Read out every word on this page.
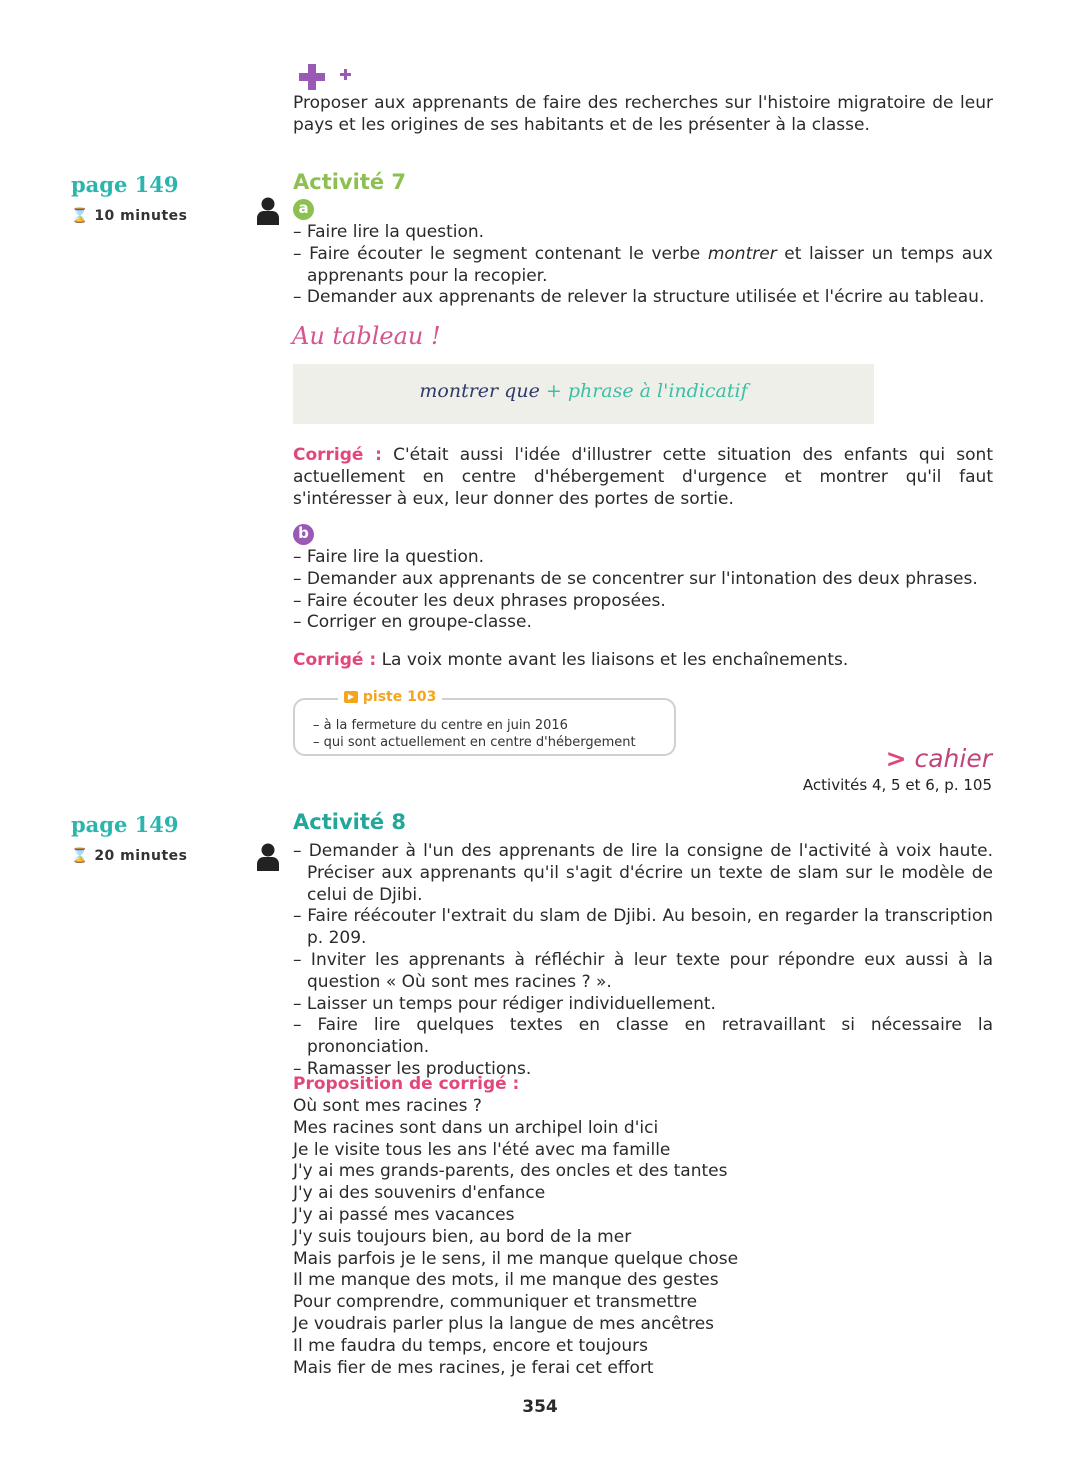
Proposer aux apprenants de faire des recherches sur l'histoire migratoire de leur pays et les origines de ses habitants et de les présenter à la classe.
page 149
⌛ 10 minutes
Activité 7
a
– Faire lire la question.
– Faire écouter le segment contenant le verbe montrer et laisser un temps aux apprenants pour la recopier.
– Demander aux apprenants de relever la structure utilisée et l'écrire au tableau.
Au tableau !
montrer que + phrase à l'indicatif
Corrigé : C'était aussi l'idée d'illustrer cette situation des enfants qui sont actuellement en centre d'hébergement d'urgence et montrer qu'il faut s'intéresser à eux, leur donner des portes de sortie.
b
– Faire lire la question.
– Demander aux apprenants de se concentrer sur l'intonation des deux phrases.
– Faire écouter les deux phrases proposées.
– Corriger en groupe-classe.
Corrigé : La voix monte avant les liaisons et les enchaînements.
▶ piste 103
– à la fermeture du centre en juin 2016
– qui sont actuellement en centre d'hébergement
> cahier
Activités 4, 5 et 6, p. 105
page 149
⌛ 20 minutes
Activité 8
– Demander à l'un des apprenants de lire la consigne de l'activité à voix haute. Préciser aux apprenants qu'il s'agit d'écrire un texte de slam sur le modèle de celui de Djibi.
– Faire réécouter l'extrait du slam de Djibi. Au besoin, en regarder la transcription p. 209.
– Inviter les apprenants à réfléchir à leur texte pour répondre eux aussi à la question « Où sont mes racines ? ».
– Laisser un temps pour rédiger individuellement.
– Faire lire quelques textes en classe en retravaillant si nécessaire la prononciation.
– Ramasser les productions.
Proposition de corrigé :
Où sont mes racines ?
Mes racines sont dans un archipel loin d'ici
Je le visite tous les ans l'été avec ma famille
J'y ai mes grands-parents, des oncles et des tantes
J'y ai des souvenirs d'enfance
J'y ai passé mes vacances
J'y suis toujours bien, au bord de la mer
Mais parfois je le sens, il me manque quelque chose
Il me manque des mots, il me manque des gestes
Pour comprendre, communiquer et transmettre
Je voudrais parler plus la langue de mes ancêtres
Il me faudra du temps, encore et toujours
Mais fier de mes racines, je ferai cet effort
354
